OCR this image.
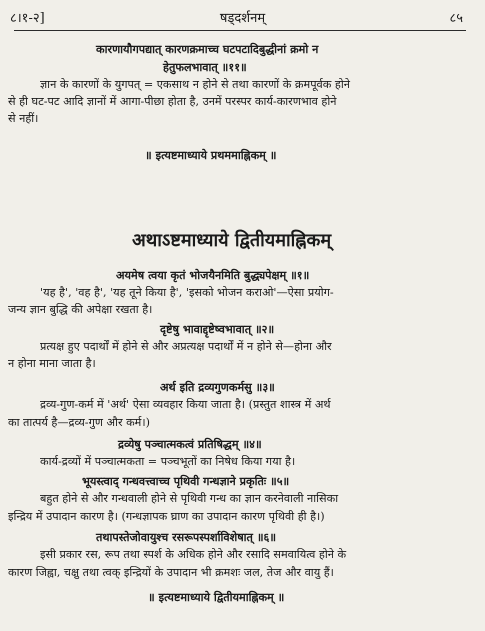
८।१-२]	षड्दर्शनम्	८५
कारणायौगपद्यात् कारणक्रमाच्च घटपटादिबुद्धीनां क्रमो न
हेतुफलभावात् ॥११॥
ज्ञान के कारणों के युगपत् = एकसाथ न होने से तथा कारणों के क्रमपूर्वक होने
से ही घट-पट आदि ज्ञानों में आगा-पीछा होता है, उनमें परस्पर कार्य-कारणभाव होने
से नहीं।
॥ इत्यष्टमाध्याये प्रथममाह्निकम् ॥
अथाऽष्टमाध्याये द्वितीयमाह्निकम्
अयमेष त्वया कृतं भोजयैनमिति बुद्ध्यपेक्षम् ॥१॥
'यह है', 'वह है', 'यह तूने किया है', 'इसको भोजन कराओ'—ऐसा प्रयोग-
जन्य ज्ञान बुद्धि की अपेक्षा रखता है।
दृष्टेषु भावाद्दृष्टेष्वभावात् ॥२॥
प्रत्यक्ष हुए पदार्थों में होने से और अप्रत्यक्ष पदार्थों में न होने से—होना और
न होना माना जाता है।
अर्थ इति द्रव्यगुणकर्मसु ॥३॥
द्रव्य-गुण-कर्म में 'अर्थ' ऐसा व्यवहार किया जाता है। (प्रस्तुत शास्त्र में अर्थ
का तात्पर्य है—द्रव्य-गुण और कर्म।)
द्रव्येषु पञ्चात्मकत्वं प्रतिषिद्धम् ॥४॥
कार्य-द्रव्यों में पञ्चात्मकता = पञ्चभूतों का निषेध किया गया है।
भूयस्त्वाद् गन्धवत्त्वाच्च पृथिवी गन्धज्ञाने प्रकृतिः ॥५॥
बहुत होने से और गन्धवाली होने से पृथिवी गन्ध का ज्ञान करनेवाली नासिका
इन्द्रिय में उपादान कारण है। (गन्धज्ञापक घ्राण का उपादान कारण पृथिवी ही है।)
तथापस्तेजोवायुश्च रसरूपस्पर्शाविशेषात् ॥६॥
इसी प्रकार रस, रूप तथा स्पर्श के अधिक होने और रसादि समवायित्व होने के
कारण जिह्वा, चक्षु तथा त्वक् इन्द्रियों के उपादान भी क्रमशः जल, तेज और वायु हैं।
॥ इत्यष्टमाध्याये द्वितीयमाह्निकम् ॥
